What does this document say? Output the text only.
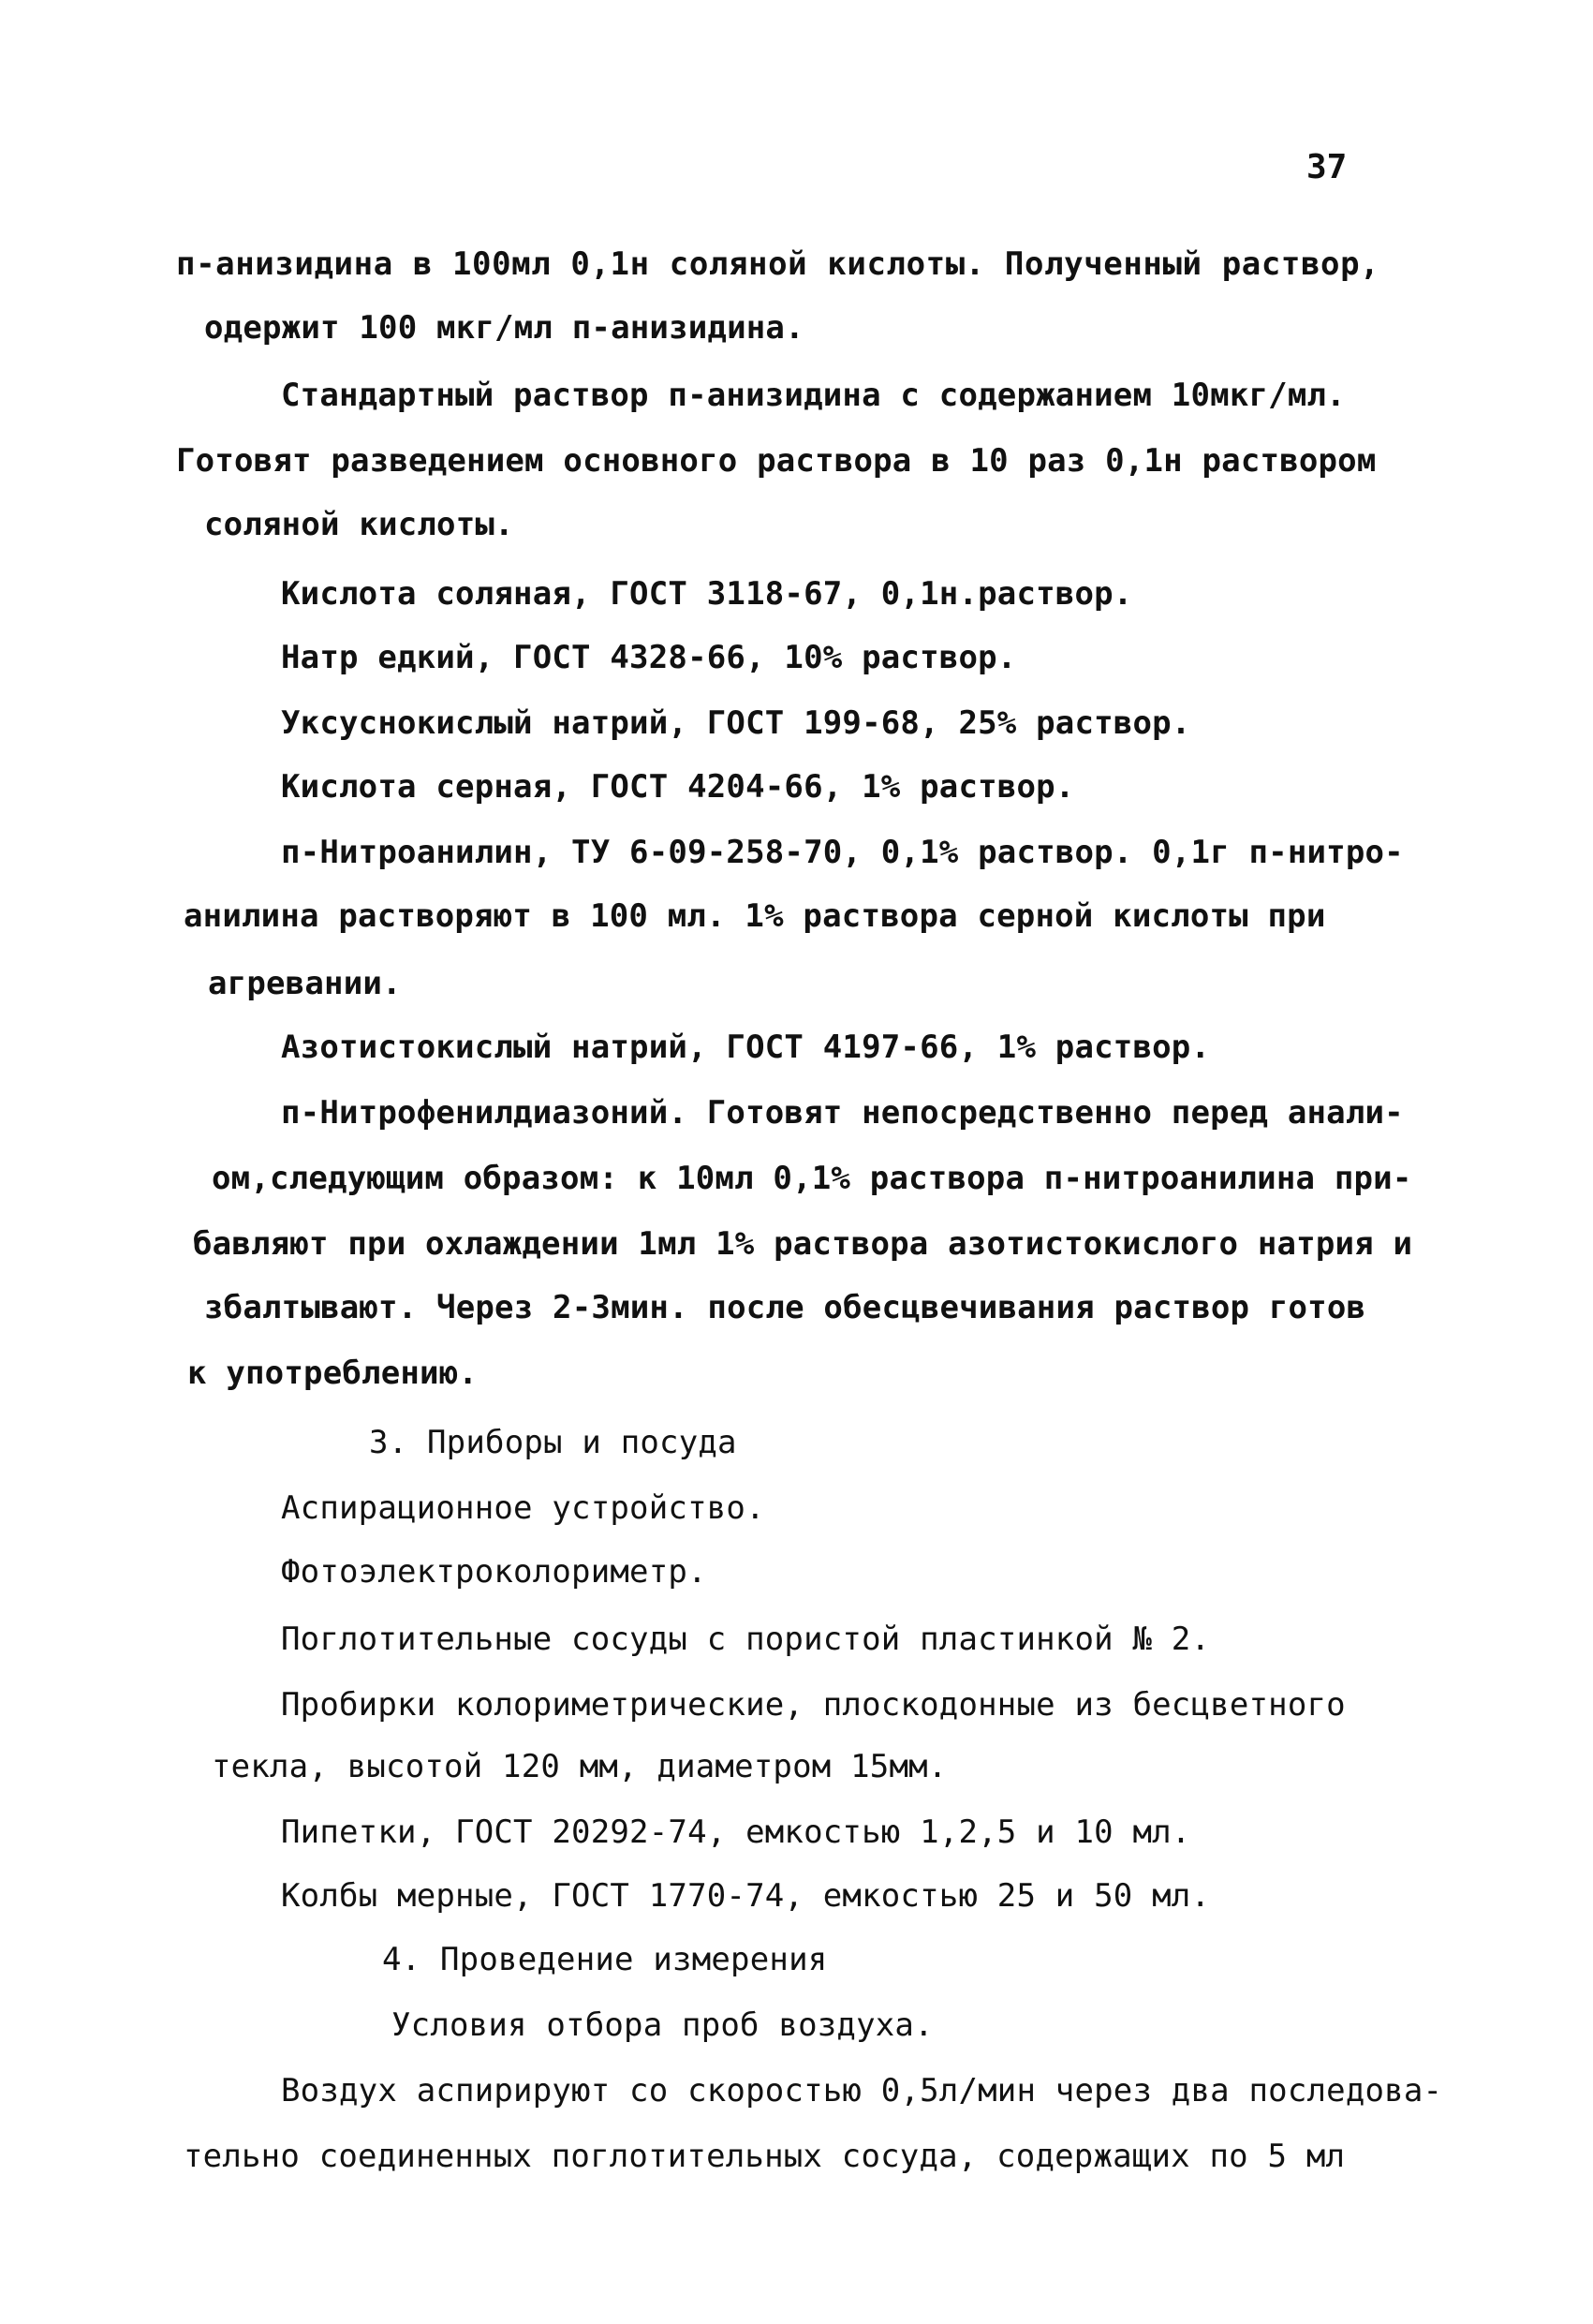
37
п-анизидина в 100мл 0,1н соляной кислоты. Полученный раствор,
одержит 100 мкг/мл п-анизидина.
Стандартный раствор п-анизидина с содержанием 10мкг/мл.
Готовят разведением основного раствора в 10 раз 0,1н раствором
соляной кислоты.
Кислота соляная, ГОСТ 3118-67, 0,1н.раствор.
Натр едкий, ГОСТ 4328-66, 10% раствор.
Уксуснокислый натрий, ГОСТ 199-68, 25% раствор.
Кислота серная, ГОСТ 4204-66, 1% раствор.
п-Нитроанилин, ТУ 6-09-258-70, 0,1% раствор. 0,1г п-нитро-
анилина растворяют в 100 мл. 1% раствора серной кислоты при
агревании.
Азотистокислый натрий, ГОСТ 4197-66, 1% раствор.
п-Нитрофенилдиазоний. Готовят непосредственно перед анали-
ом,следующим образом: к 10мл 0,1% раствора п-нитроанилина при-
бавляют при охлаждении 1мл 1% раствора азотистокислого натрия и
збалтывают. Через 2-3мин. после обесцвечивания раствор готов
к употреблению.
3. Приборы и посуда
Аспирационное устройство.
Фотоэлектроколориметр.
Поглотительные сосуды с пористой пластинкой № 2.
Пробирки колориметрические, плоскодонные из бесцветного
текла, высотой 120 мм, диаметром 15мм.
Пипетки, ГОСТ 20292-74, емкостью 1,2,5 и 10 мл.
Колбы мерные, ГОСТ 1770-74, емкостью 25 и 50 мл.
4. Проведение измерения
Условия отбора проб воздуха.
Воздух аспирируют со скоростью 0,5л/мин через два последова-
тельно соединенных поглотительных сосуда, содержащих по 5 мл
